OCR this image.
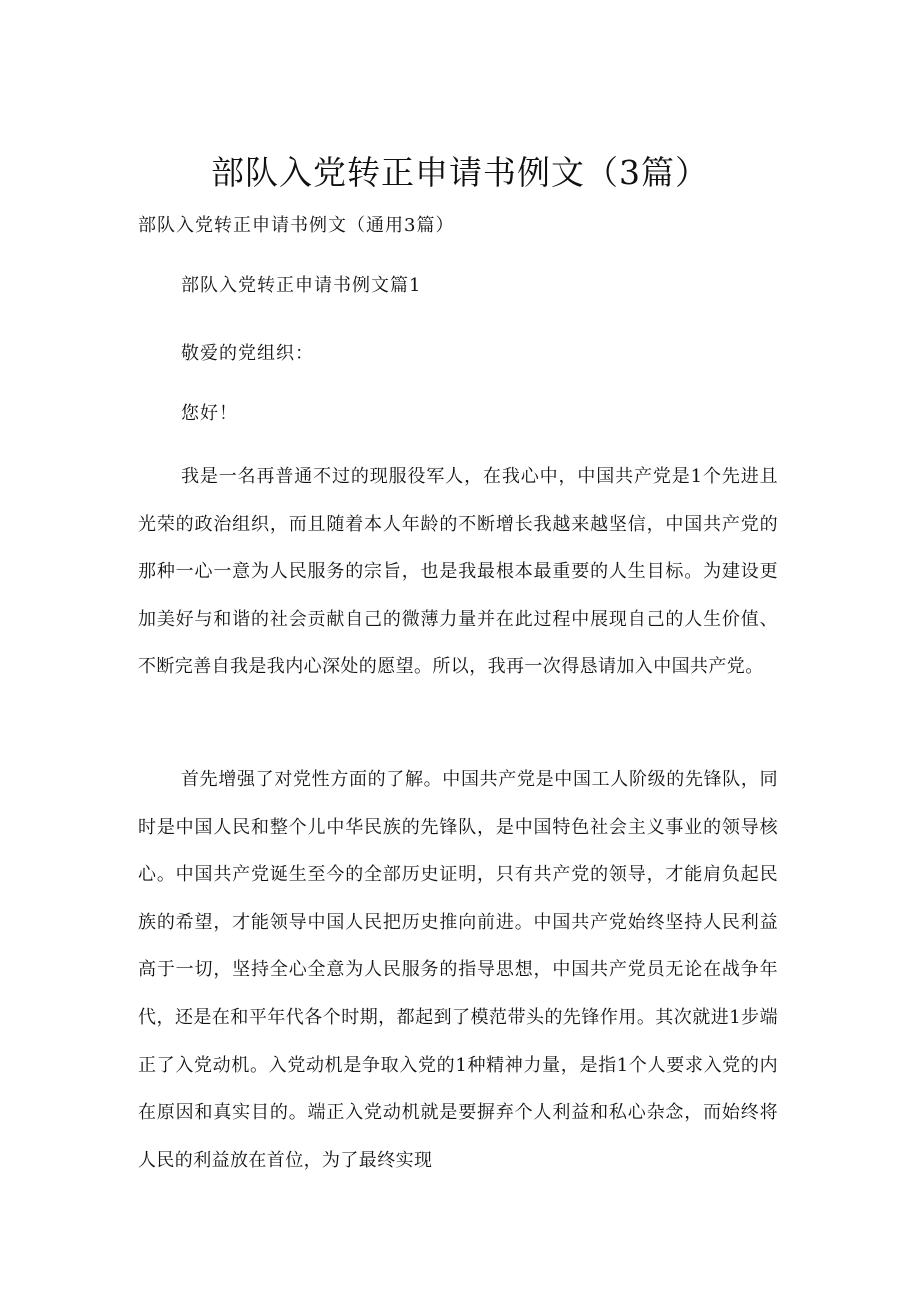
部队入党转正申请书例文（3篇）

部队入党转正申请书例文（通用3篇）

部队入党转正申请书例文篇1

敬爱的党组织：

您好！

我是一名再普通不过的现服役军人，在我心中，中国共产党是1个先进且光荣的政治组织，而且随着本人年龄的不断增长我越来越坚信，中国共产党的那种一心一意为人民服务的宗旨，也是我最根本最重要的人生目标。为建设更加美好与和谐的社会贡献自己的微薄力量并在此过程中展现自己的人生价值、不断完善自我是我内心深处的愿望。所以，我再一次得恳请加入中国共产党。

首先增强了对党性方面的了解。中国共产党是中国工人阶级的先锋队，同时是中国人民和整个儿中华民族的先锋队，是中国特色社会主义事业的领导核心。中国共产党诞生至今的全部历史证明，只有共产党的领导，才能肩负起民族的希望，才能领导中国人民把历史推向前进。中国共产党始终坚持人民利益高于一切，坚持全心全意为人民服务的指导思想，中国共产党员无论在战争年代，还是在和平年代各个时期，都起到了模范带头的先锋作用。其次就进1步端正了入党动机。入党动机是争取入党的1种精神力量，是指1个人要求入党的内在原因和真实目的。端正入党动机就是要摒弃个人利益和私心杂念，而始终将人民的利益放在首位，为了最终实现
